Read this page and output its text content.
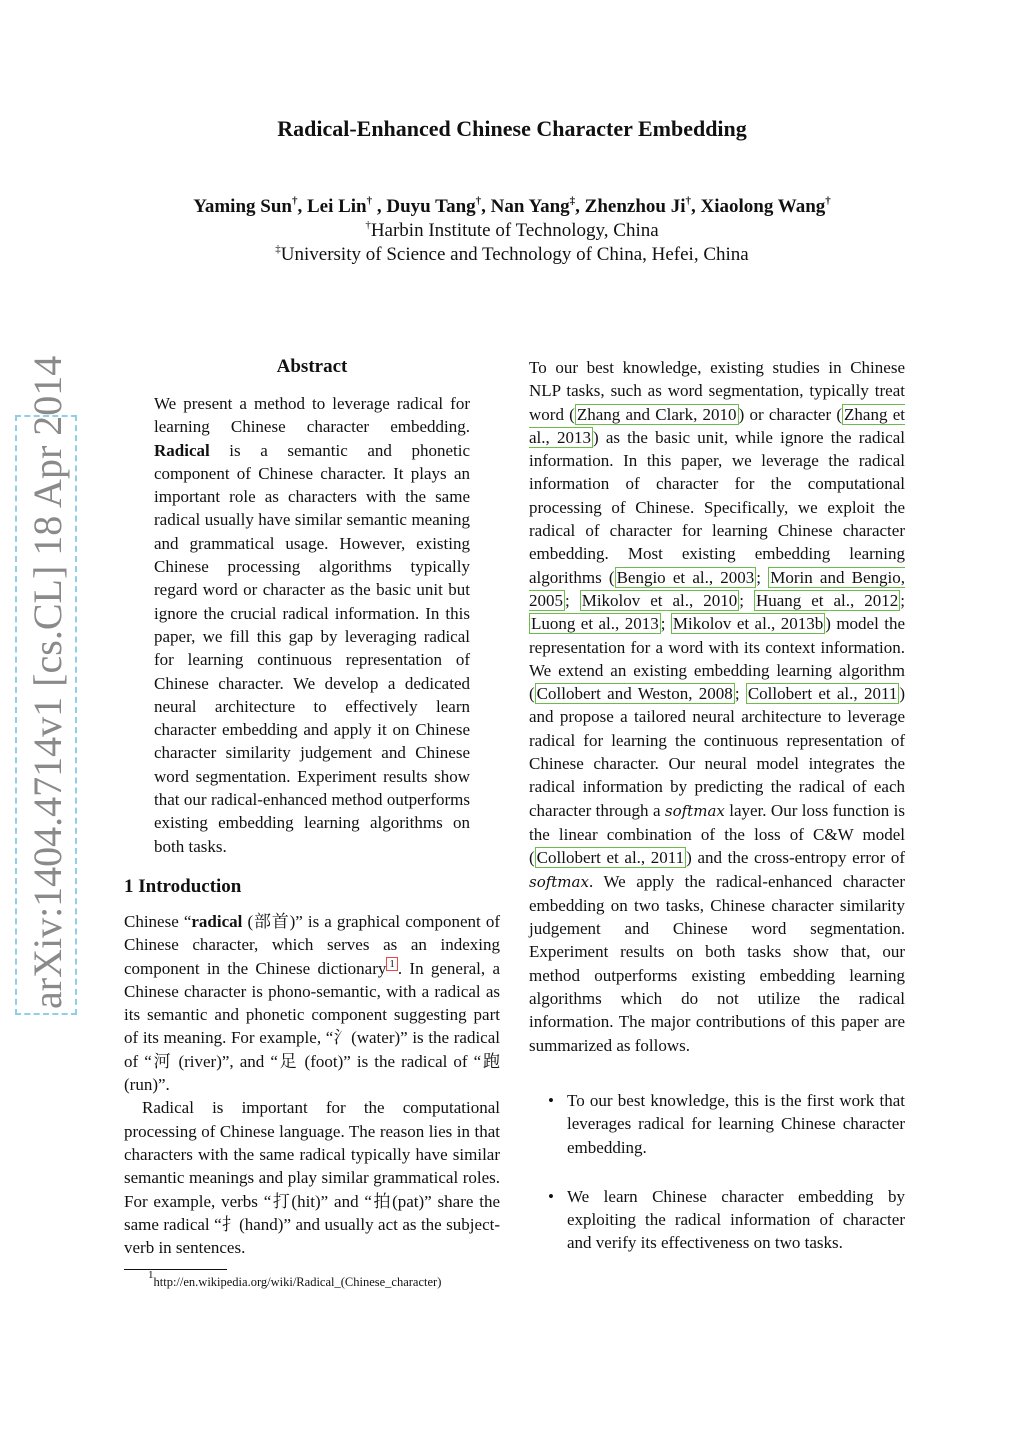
arXiv:1404.4714v1 [cs.CL] 18 Apr 2014
Radical-Enhanced Chinese Character Embedding
Yaming Sun†, Lei Lin† , Duyu Tang†, Nan Yang‡, Zhenzhou Ji†, Xiaolong Wang†
†Harbin Institute of Technology, China
‡University of Science and Technology of China, Hefei, China
Abstract

We present a method to leverage radical for learning Chinese character embedding. Radical is a semantic and phonetic component of Chinese character. It plays an important role as characters with the same radical usually have similar semantic meaning and grammatical usage. However, existing Chinese processing algorithms typically regard word or character as the basic unit but ignore the crucial radical information. In this paper, we fill this gap by leveraging radical for learning continuous representation of Chinese character. We develop a dedicated neural architecture to effectively learn character embedding and apply it on Chinese character similarity judgement and Chinese word segmentation. Experiment results show that our radical-enhanced method outperforms existing embedding learning algorithms on both tasks.

1 Introduction

Chinese “radical (部首)” is a graphical component of Chinese character, which serves as an indexing component in the Chinese dictionary $^1$ . In general, a Chinese character is phono-semantic, with a radical as its semantic and phonetic component suggesting part of its meaning. For example, “氵(water)” is the radical of “河 (river)”, and “足 (foot)” is the radical of “跑 (run)”.

Radical is important for the computational processing of Chinese language. The reason lies in that characters with the same radical typically have similar semantic meanings and play similar grammatical roles. For example, verbs “打(hit)” and “拍(pat)” share the same radical “扌(hand)” and usually act as the subject-verb in sentences.

$^1$http://en.wikipedia.org/wiki/Radical_(Chinese_character)

To our best knowledge, existing studies in Chinese NLP tasks, such as word segmentation, typically treat word ( Zhang and Clark, 2010 ) or character ( Zhang et al., 2013 ) as the basic unit, while ignore the radical information. In this paper, we leverage the radical information of character for the computational processing of Chinese. Specifically, we exploit the radical of character for learning Chinese character embedding. Most existing embedding learning algorithms ( Bengio et al., 2003 ; Morin and Bengio, 2005 ; Mikolov et al., 2010 ; Huang et al., 2012 ; Luong et al., 2013 ; Mikolov et al., 2013b ) model the representation for a word with its context information. We extend an existing embedding learning algorithm ( Collobert and Weston, 2008 ; Collobert et al., 2011 ) and propose a tailored neural architecture to leverage radical for learning the continuous representation of Chinese character. Our neural model integrates the radical information by predicting the radical of each character through a softmax layer. Our loss function is the linear combination of the loss of C&W model ( Collobert et al., 2011 ) and the cross-entropy error of softmax. We apply the radical-enhanced character embedding on two tasks, Chinese character similarity judgement and Chinese word segmentation. Experiment results on both tasks show that, our method outperforms existing embedding learning algorithms which do not utilize the radical information. The major contributions of this paper are summarized as follows.

• To our best knowledge, this is the first work that leverages radical for learning Chinese character embedding.

• We learn Chinese character embedding by exploiting the radical information of character and verify its effectiveness on two tasks.
